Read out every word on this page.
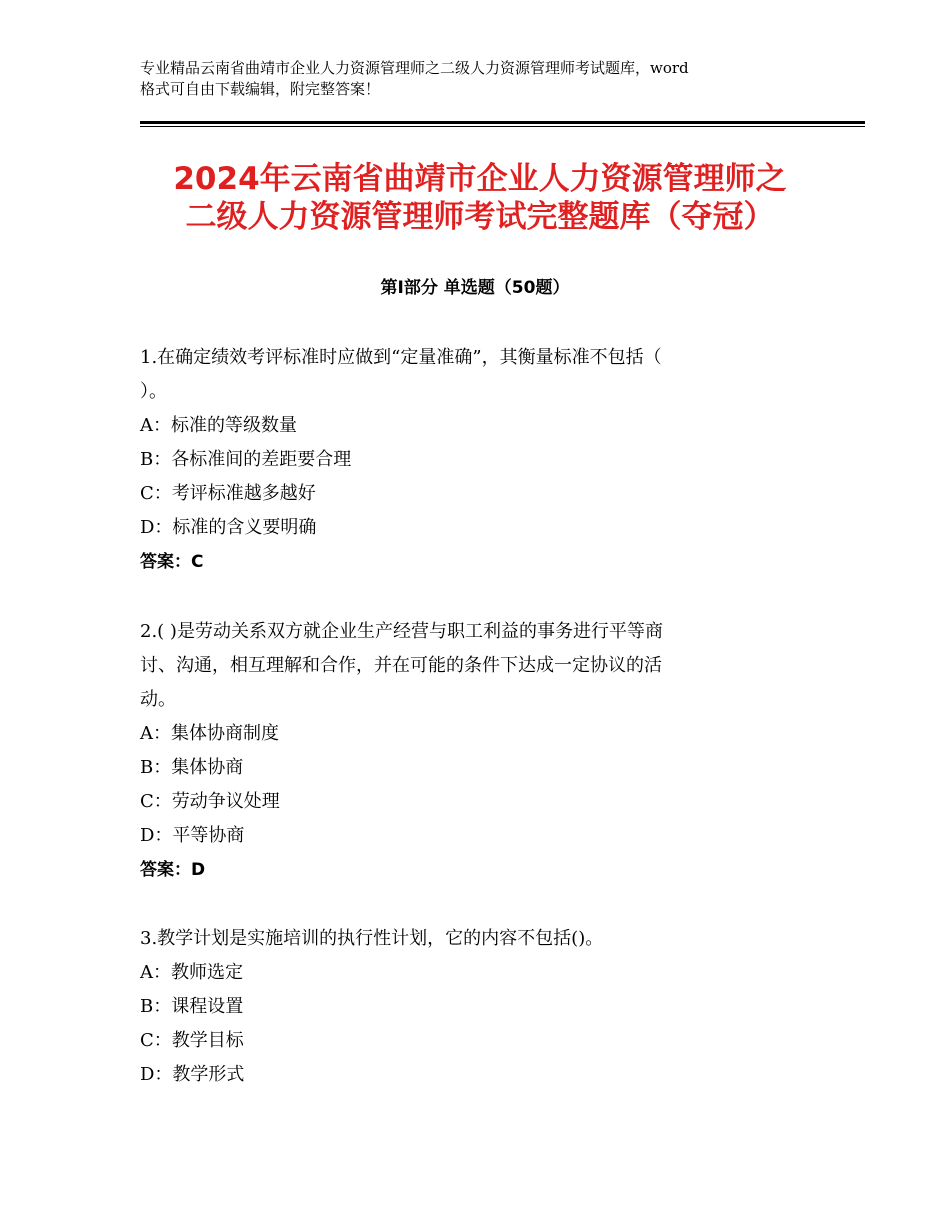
专业精品云南省曲靖市企业人力资源管理师之二级人力资源管理师考试题库，word
格式可自由下载编辑，附完整答案！
2024年云南省曲靖市企业人力资源管理师之
二级人力资源管理师考试完整题库（夺冠）
第Ⅰ部分 单选题（50题）
1.在确定绩效考评标准时应做到“定量准确”，其衡量标准不包括（
）。
A：标准的等级数量
B：各标准间的差距要合理
C：考评标准越多越好
D：标准的含义要明确
答案：C
2.( )是劳动关系双方就企业生产经营与职工利益的事务进行平等商
讨、沟通，相互理解和合作，并在可能的条件下达成一定协议的活
动。
A：集体协商制度
B：集体协商
C：劳动争议处理
D：平等协商
答案：D
3.教学计划是实施培训的执行性计划，它的内容不包括()。
A：教师选定
B：课程设置
C：教学目标
D：教学形式
